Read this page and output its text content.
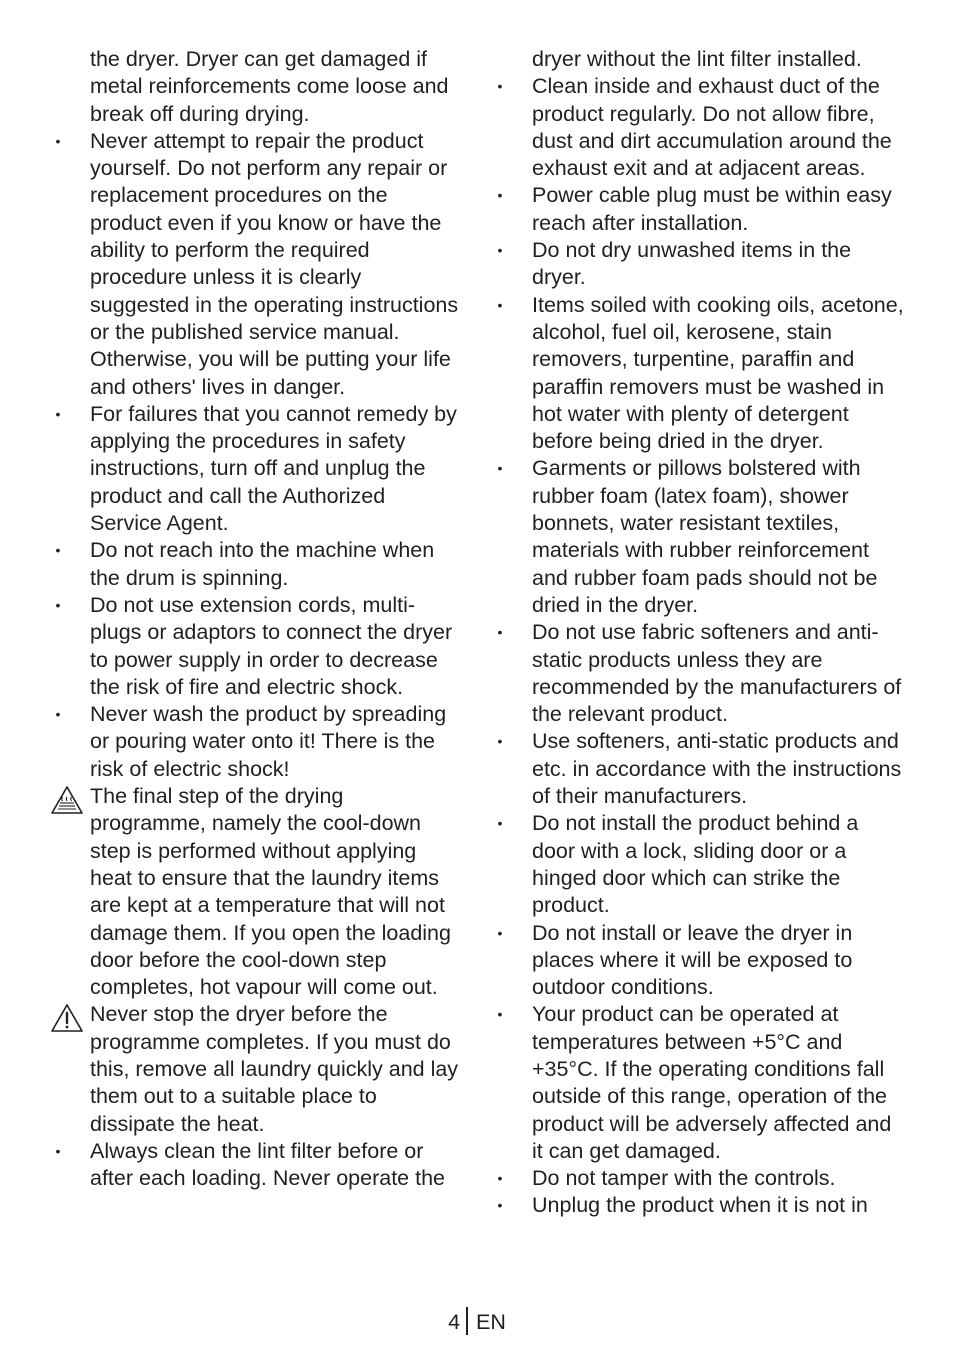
the dryer. Dryer can get damaged if metal reinforcements come loose and break off during drying.

• Never attempt to repair the product yourself. Do not perform any repair or replacement procedures on the product even if you know or have the ability to perform the required procedure unless it is clearly suggested in the operating instructions or the published service manual. Otherwise, you will be putting your life and others' lives in danger.

• For failures that you cannot remedy by applying the procedures in safety instructions, turn off and unplug the product and call the Authorized Service Agent.

• Do not reach into the machine when the drum is spinning.

• Do not use extension cords, multi-plugs or adaptors to connect the dryer to power supply in order to decrease the risk of fire and electric shock.

• Never wash the product by spreading or pouring water onto it! There is the risk of electric shock!

The final step of the drying programme, namely the cool-down step is performed without applying heat to ensure that the laundry items are kept at a temperature that will not damage them. If you open the loading door before the cool-down step completes, hot vapour will come out.

Never stop the dryer before the programme completes. If you must do this, remove all laundry quickly and lay them out to a suitable place to dissipate the heat.

• Always clean the lint filter before or after each loading. Never operate the

dryer without the lint filter installed.

• Clean inside and exhaust duct of the product regularly. Do not allow fibre, dust and dirt accumulation around the exhaust exit and at adjacent areas.

• Power cable plug must be within easy reach after installation.

• Do not dry unwashed items in the dryer.

• Items soiled with cooking oils, acetone, alcohol, fuel oil, kerosene, stain removers, turpentine, paraffin and paraffin removers must be washed in hot water with plenty of detergent before being dried in the dryer.

• Garments or pillows bolstered with rubber foam (latex foam), shower bonnets, water resistant textiles, materials with rubber reinforcement and rubber foam pads should not be dried in the dryer.

• Do not use fabric softeners and anti-static products unless they are recommended by the manufacturers of the relevant product.

• Use softeners, anti-static products and etc. in accordance with the instructions of their manufacturers.

• Do not install the product behind a door with a lock, sliding door or a hinged door which can strike the product.

• Do not install or leave the dryer in places where it will be exposed to outdoor conditions.

• Your product can be operated at temperatures between +5°C and +35°C. If the operating conditions fall outside of this range, operation of the product will be adversely affected and it can get damaged.

• Do not tamper with the controls.

• Unplug the product when it is not in

4 EN
